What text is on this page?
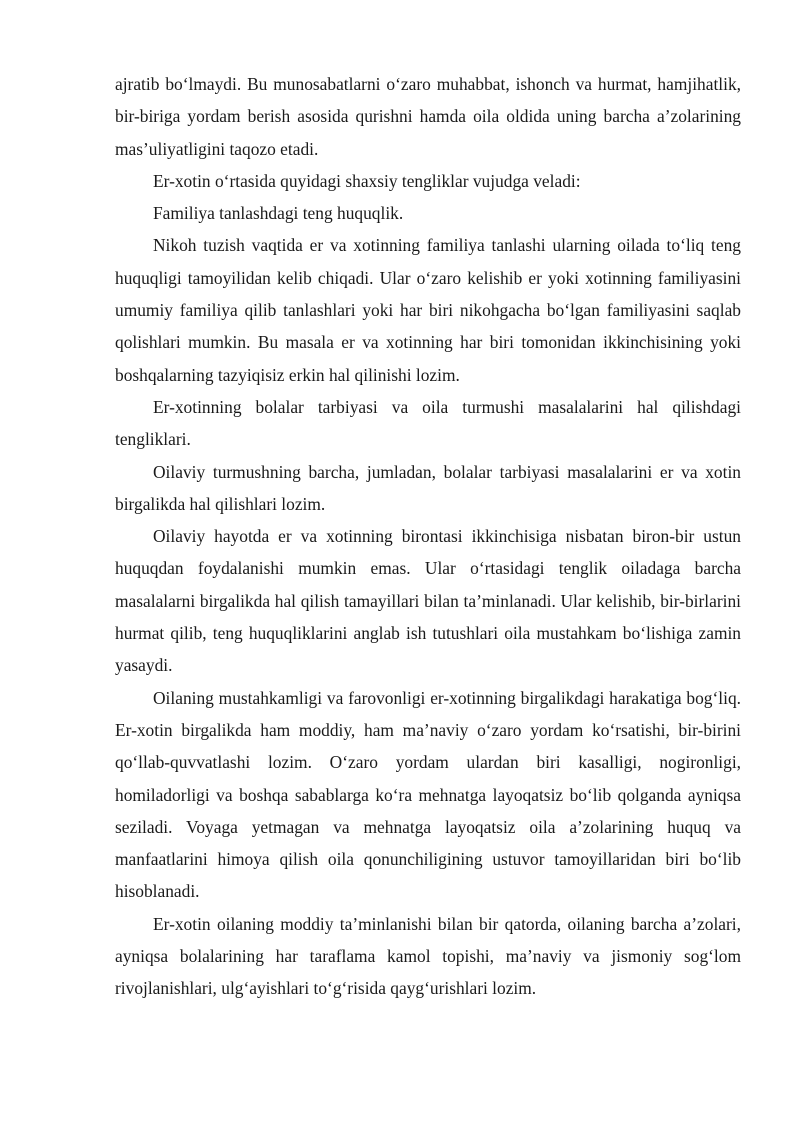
ajratib bo‘lmaydi. Bu munosabatlarni o‘zaro muhabbat, ishonch va hurmat, hamjihatlik, bir-biriga yordam berish asosida qurishni hamda oila oldida uning barcha a’zolarining mas’uliyatligini taqozo etadi.

Er-xotin o‘rtasida quyidagi shaxsiy tengliklar vujudga veladi:

Familiya tanlashdagi teng huquqlik.

Nikoh tuzish vaqtida er va xotinning familiya tanlashi ularning oilada to‘liq teng huquqligi tamoyilidan kelib chiqadi. Ular o‘zaro kelishib er yoki xotinning familiyasini umumiy familiya qilib tanlashlari yoki har biri nikohgacha bo‘lgan familiyasini saqlab qolishlari mumkin. Bu masala er va xotinning har biri tomonidan ikkinchisining yoki boshqalarning tazyiqisiz erkin hal qilinishi lozim.

Er-xotinning bolalar tarbiyasi va oila turmushi masalalarini hal qilishdagi tengliklari.

Oilaviy turmushning barcha, jumladan, bolalar tarbiyasi masalalarini er va xotin birgalikda hal qilishlari lozim.

Oilaviy hayotda er va xotinning birontasi ikkinchisiga nisbatan biron-bir ustun huquqdan foydalanishi mumkin emas. Ular o‘rtasidagi tenglik oiladaga barcha masalalarni birgalikda hal qilish tamayillari bilan ta’minlanadi. Ular kelishib, bir-birlarini hurmat qilib, teng huquqliklarini anglab ish tutushlari oila mustahkam bo‘lishiga zamin yasaydi.

Oilaning mustahkamligi va farovonligi er-xotinning birgalikdagi harakatiga bog‘liq. Er-xotin birgalikda ham moddiy, ham ma’naviy o‘zaro yordam ko‘rsatishi, bir-birini qo‘llab-quvvatlashi lozim. O‘zaro yordam ulardan biri kasalligi, nogironligi, homiladorligi va boshqa sabablarga ko‘ra mehnatga layoqatsiz bo‘lib qolganda ayniqsa seziladi. Voyaga yetmagan va mehnatga layoqatsiz oila a’zolarining huquq va manfaatlarini himoya qilish oila qonunchiligining ustuvor tamoyillaridan biri bo‘lib hisoblanadi.

Er-xotin oilaning moddiy ta’minlanishi bilan bir qatorda, oilaning barcha a’zolari, ayniqsa bolalarining har taraflama kamol topishi, ma’naviy va jismoniy sog‘lom rivojlanishlari, ulg‘ayishlari to‘g‘risida qayg‘urishlari lozim.
